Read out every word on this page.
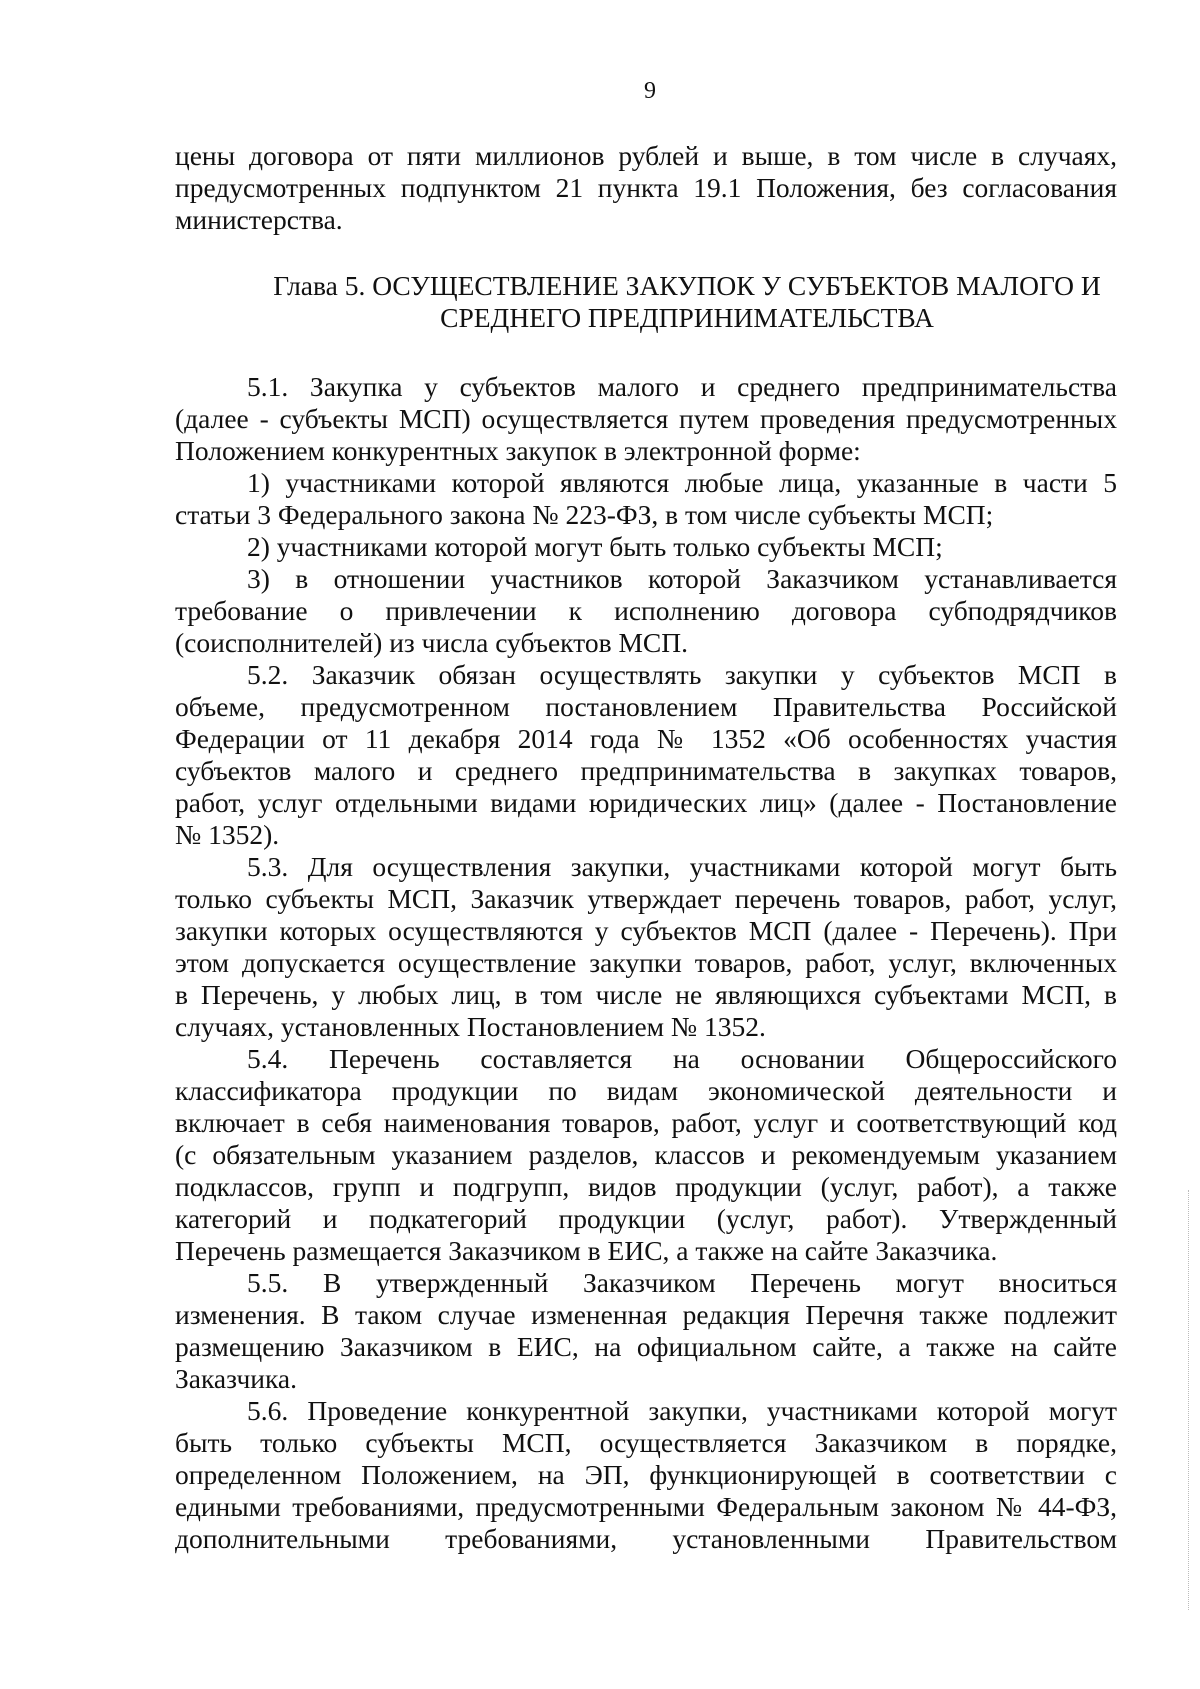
9
цены договора от пяти миллионов рублей и выше, в том числе в случаях,
предусмотренных подпунктом 21 пункта 19.1 Положения, без согласования
министерства.
Глава 5. ОСУЩЕСТВЛЕНИЕ ЗАКУПОК У СУБЪЕКТОВ МАЛОГО И
СРЕДНЕГО ПРЕДПРИНИМАТЕЛЬСТВА
5.1. Закупка у субъектов малого и среднего предпринимательства
(далее - субъекты МСП) осуществляется путем проведения предусмотренных
Положением конкурентных закупок в электронной форме:
1) участниками которой являются любые лица, указанные в части 5
статьи 3 Федерального закона № 223-ФЗ, в том числе субъекты МСП;
2) участниками которой могут быть только субъекты МСП;
3) в отношении участников которой Заказчиком устанавливается
требование о привлечении к исполнению договора субподрядчиков
(соисполнителей) из числа субъектов МСП.
5.2. Заказчик обязан осуществлять закупки у субъектов МСП в
объеме, предусмотренном постановлением Правительства Российской
Федерации от 11 декабря 2014 года № 1352 «Об особенностях участия
субъектов малого и среднего предпринимательства в закупках товаров,
работ, услуг отдельными видами юридических лиц» (далее - Постановление
№ 1352).
5.3. Для осуществления закупки, участниками которой могут быть
только субъекты МСП, Заказчик утверждает перечень товаров, работ, услуг,
закупки которых осуществляются у субъектов МСП (далее - Перечень). При
этом допускается осуществление закупки товаров, работ, услуг, включенных
в Перечень, у любых лиц, в том числе не являющихся субъектами МСП, в
случаях, установленных Постановлением № 1352.
5.4. Перечень составляется на основании Общероссийского
классификатора продукции по видам экономической деятельности и
включает в себя наименования товаров, работ, услуг и соответствующий код
(с обязательным указанием разделов, классов и рекомендуемым указанием
подклассов, групп и подгрупп, видов продукции (услуг, работ), а также
категорий и подкатегорий продукции (услуг, работ). Утвержденный
Перечень размещается Заказчиком в ЕИС, а также на сайте Заказчика.
5.5. В утвержденный Заказчиком Перечень могут вноситься
изменения. В таком случае измененная редакция Перечня также подлежит
размещению Заказчиком в ЕИС, на официальном сайте, а также на сайте
Заказчика.
5.6. Проведение конкурентной закупки, участниками которой могут
быть только субъекты МСП, осуществляется Заказчиком в порядке,
определенном Положением, на ЭП, функционирующей в соответствии с
едиными требованиями, предусмотренными Федеральным законом № 44-ФЗ,
дополнительными требованиями, установленными Правительством
